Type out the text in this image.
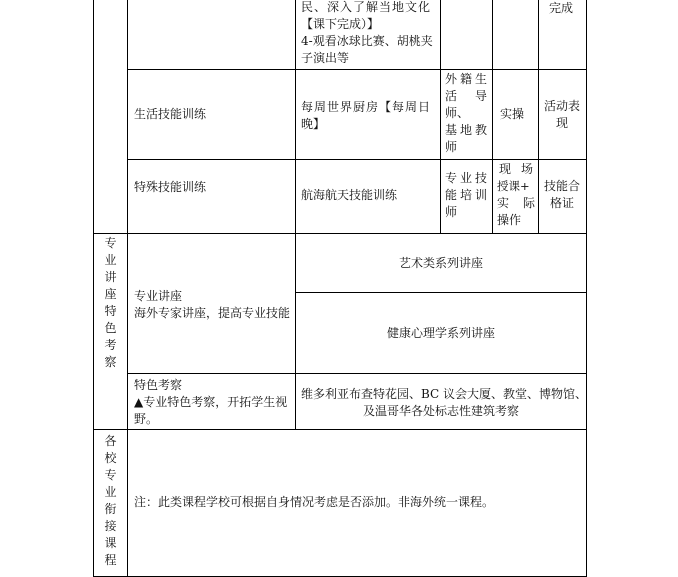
民、深入了解当地文化
【课下完成）】
4-观看冰球比赛、胡桃夹
子演出等
完成
生活技能训练	每周世界厨房【每周日
晚】
外籍生
活导
师、
基地教
师
实操
活动表
现
特殊技能训练
航海航天技能训练
专业技
能培训
师
现场
授课+
实际
操作
技能合
格证
专
业
讲
座
特
色
考
察
专业讲座
海外专家讲座，提高专业技能
艺术类系列讲座
健康心理学系列讲座
特色考察
▲专业特色考察，开拓学生视
野。
维多利亚布查特花园、BC 议会大厦、教堂、博物馆、
及温哥华各处标志性建筑考察
各
校
专
业
衔
接
课
程
注：此类课程学校可根据自身情况考虑是否添加。非海外统一课程。
